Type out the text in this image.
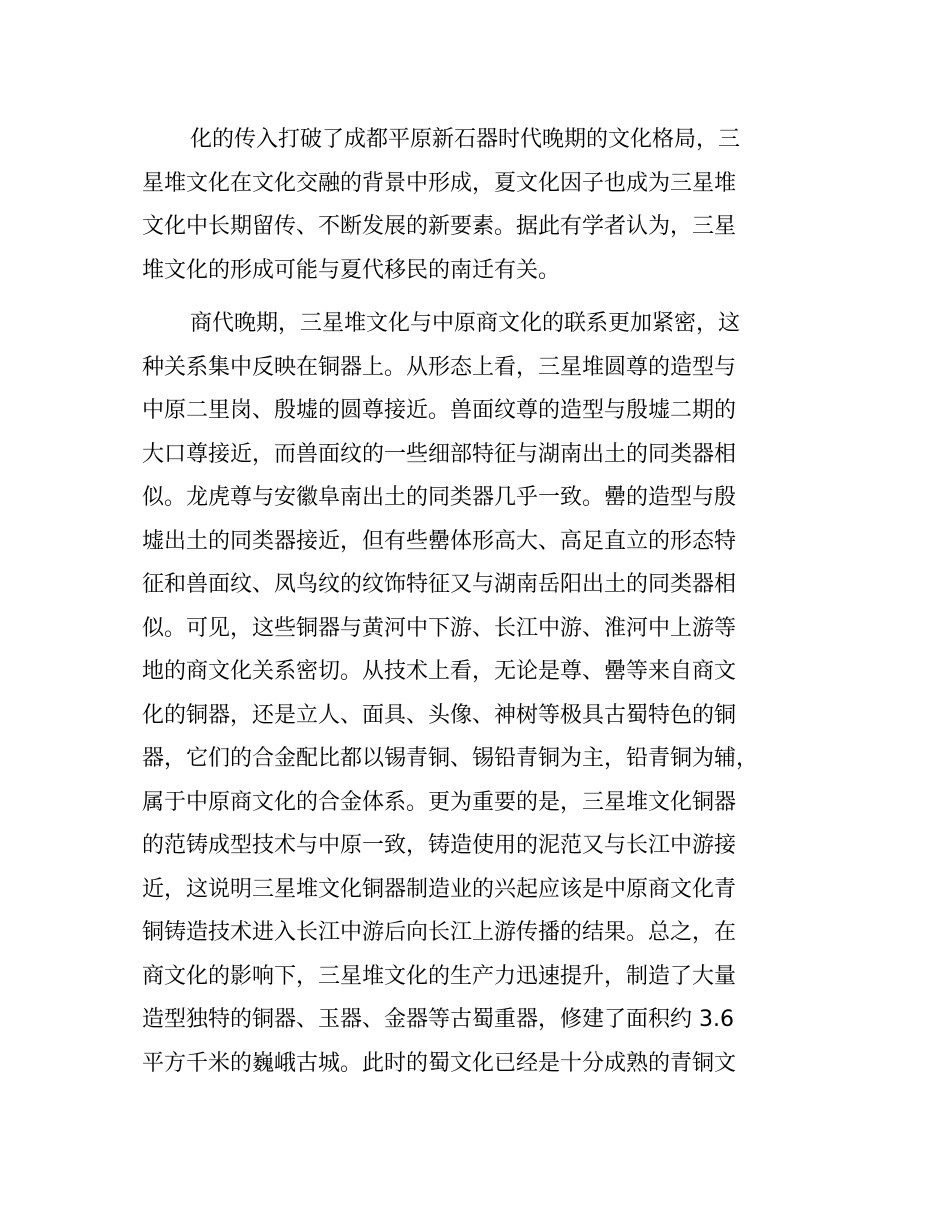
化的传入打破了成都平原新石器时代晚期的文化格局，三
星堆文化在文化交融的背景中形成，夏文化因子也成为三星堆
文化中长期留传、不断发展的新要素。据此有学者认为，三星
堆文化的形成可能与夏代移民的南迁有关。
商代晚期，三星堆文化与中原商文化的联系更加紧密，这
种关系集中反映在铜器上。从形态上看，三星堆圆尊的造型与
中原二里岗、殷墟的圆尊接近。兽面纹尊的造型与殷墟二期的
大口尊接近，而兽面纹的一些细部特征与湖南出土的同类器相
似。龙虎尊与安徽阜南出土的同类器几乎一致。罍的造型与殷
墟出土的同类器接近，但有些罍体形高大、高足直立的形态特
征和兽面纹、凤鸟纹的纹饰特征又与湖南岳阳出土的同类器相
似。可见，这些铜器与黄河中下游、长江中游、淮河中上游等
地的商文化关系密切。从技术上看，无论是尊、罍等来自商文
化的铜器，还是立人、面具、头像、神树等极具古蜀特色的铜
器，它们的合金配比都以锡青铜、锡铅青铜为主，铅青铜为辅，
属于中原商文化的合金体系。更为重要的是，三星堆文化铜器
的范铸成型技术与中原一致，铸造使用的泥范又与长江中游接
近，这说明三星堆文化铜器制造业的兴起应该是中原商文化青
铜铸造技术进入长江中游后向长江上游传播的结果。总之，在
商文化的影响下，三星堆文化的生产力迅速提升，制造了大量
造型独特的铜器、玉器、金器等古蜀重器，修建了面积约 3.6
平方千米的巍峨古城。此时的蜀文化已经是十分成熟的青铜文
